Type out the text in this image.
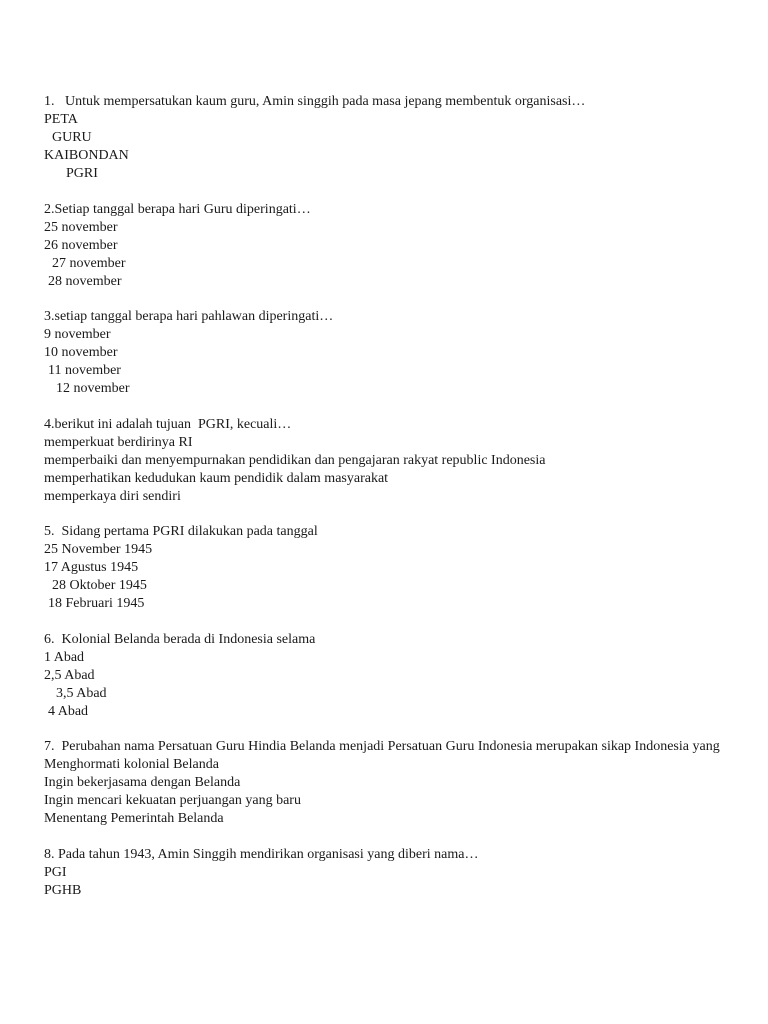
1.   Untuk mempersatukan kaum guru, Amin singgih pada masa jepang membentuk organisasi…

PETA

GURU

KAIBONDAN

PGRI

2.Setiap tanggal berapa hari Guru diperingati…

25 november

26 november

27 november

28 november

3.setiap tanggal berapa hari pahlawan diperingati…

9 november

10 november

11 november

12 november

4.berikut ini adalah tujuan  PGRI, kecuali…

memperkuat berdirinya RI

memperbaiki dan menyempurnakan pendidikan dan pengajaran rakyat republic Indonesia

memperhatikan kedudukan kaum pendidik dalam masyarakat

memperkaya diri sendiri

5.  Sidang pertama PGRI dilakukan pada tanggal

25 November 1945

17 Agustus 1945

28 Oktober 1945

18 Februari 1945

6.  Kolonial Belanda berada di Indonesia selama

1 Abad

2,5 Abad

3,5 Abad

4 Abad

7.  Perubahan nama Persatuan Guru Hindia Belanda menjadi Persatuan Guru Indonesia merupakan sikap Indonesia yang

Menghormati kolonial Belanda

Ingin bekerjasama dengan Belanda

Ingin mencari kekuatan perjuangan yang baru

Menentang Pemerintah Belanda

8. Pada tahun 1943, Amin Singgih mendirikan organisasi yang diberi nama…

PGI

PGHB
